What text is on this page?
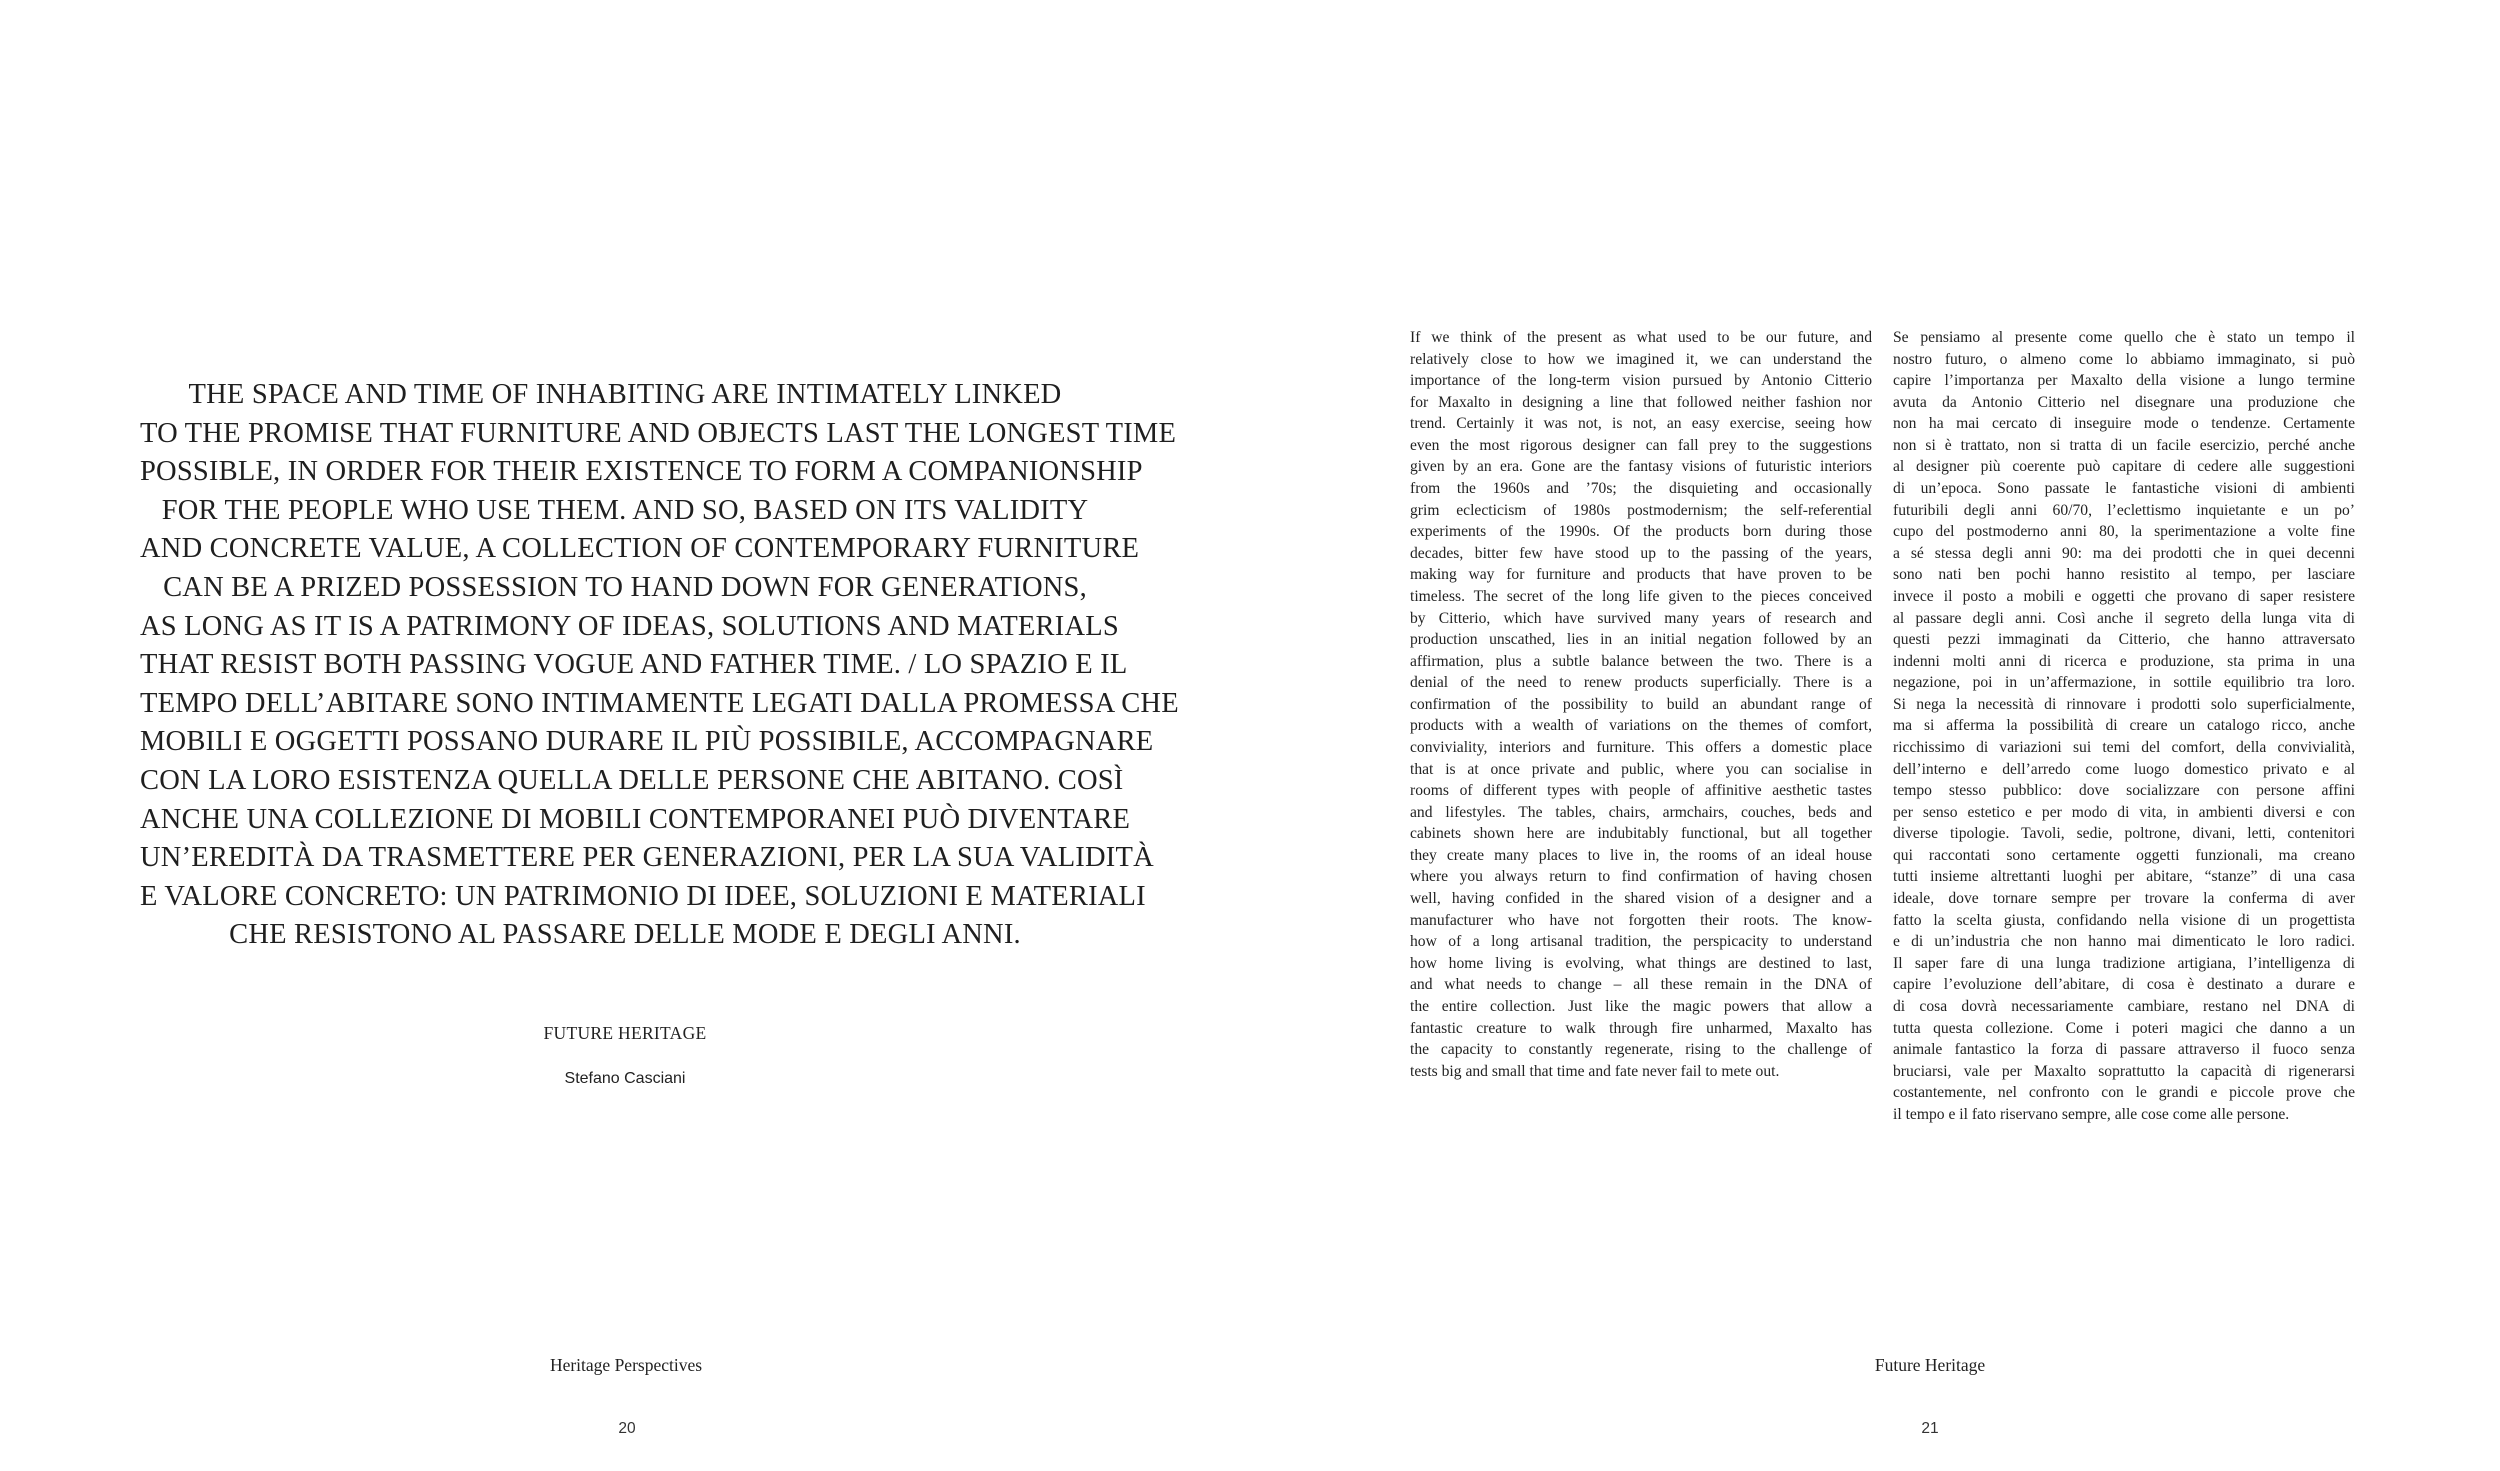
THE SPACE AND TIME OF INHABITING ARE INTIMATELY LINKED
TO THE PROMISE THAT FURNITURE AND OBJECTS LAST THE LONGEST TIME
POSSIBLE, IN ORDER FOR THEIR EXISTENCE TO FORM A COMPANIONSHIP
FOR THE PEOPLE WHO USE THEM. AND SO, BASED ON ITS VALIDITY
AND CONCRETE VALUE, A COLLECTION OF CONTEMPORARY FURNITURE
CAN BE A PRIZED POSSESSION TO HAND DOWN FOR GENERATIONS,
AS LONG AS IT IS A PATRIMONY OF IDEAS, SOLUTIONS AND MATERIALS
THAT RESIST BOTH PASSING VOGUE AND FATHER TIME. / LO SPAZIO E IL
TEMPO DELL’ABITARE SONO INTIMAMENTE LEGATI DALLA PROMESSA CHE
MOBILI E OGGETTI POSSANO DURARE IL PIÙ POSSIBILE, ACCOMPAGNARE
CON LA LORO ESISTENZA QUELLA DELLE PERSONE CHE ABITANO. COSÌ
ANCHE UNA COLLEZIONE DI MOBILI CONTEMPORANEI PUÒ DIVENTARE
UN’EREDITÀ DA TRASMETTERE PER GENERAZIONI, PER LA SUA VALIDITÀ
E VALORE CONCRETO: UN PATRIMONIO DI IDEE, SOLUZIONI E MATERIALI
CHE RESISTONO AL PASSARE DELLE MODE E DEGLI ANNI.
FUTURE HERITAGE
Stefano Casciani
Heritage Perspectives
20
If we think of the present as what used to be our future, and
relatively close to how we imagined it, we can understand the
importance of the long-term vision pursued by Antonio Citterio
for Maxalto in designing a line that followed neither fashion nor
trend. Certainly it was not, is not, an easy exercise, seeing how
even the most rigorous designer can fall prey to the suggestions
given by an era. Gone are the fantasy visions of futuristic interiors
from the 1960s and ’70s; the disquieting and occasionally
grim eclecticism of 1980s postmodernism; the self-referential
experiments of the 1990s. Of the products born during those
decades, bitter few have stood up to the passing of the years,
making way for furniture and products that have proven to be
timeless. The secret of the long life given to the pieces conceived
by Citterio, which have survived many years of research and
production unscathed, lies in an initial negation followed by an
affirmation, plus a subtle balance between the two. There is a
denial of the need to renew products superficially. There is a
confirmation of the possibility to build an abundant range of
products with a wealth of variations on the themes of comfort,
conviviality, interiors and furniture. This offers a domestic place
that is at once private and public, where you can socialise in
rooms of different types with people of affinitive aesthetic tastes
and lifestyles. The tables, chairs, armchairs, couches, beds and
cabinets shown here are indubitably functional, but all together
they create many places to live in, the rooms of an ideal house
where you always return to find confirmation of having chosen
well, having confided in the shared vision of a designer and a
manufacturer who have not forgotten their roots. The know-
how of a long artisanal tradition, the perspicacity to understand
how home living is evolving, what things are destined to last,
and what needs to change – all these remain in the DNA of
the entire collection. Just like the magic powers that allow a
fantastic creature to walk through fire unharmed, Maxalto has
the capacity to constantly regenerate, rising to the challenge of
tests big and small that time and fate never fail to mete out.
Se pensiamo al presente come quello che è stato un tempo il
nostro futuro, o almeno come lo abbiamo immaginato, si può
capire l’importanza per Maxalto della visione a lungo termine
avuta da Antonio Citterio nel disegnare una produzione che
non ha mai cercato di inseguire mode o tendenze. Certamente
non si è trattato, non si tratta di un facile esercizio, perché anche
al designer più coerente può capitare di cedere alle suggestioni
di un’epoca. Sono passate le fantastiche visioni di ambienti
futuribili degli anni 60/70, l’eclettismo inquietante e un po’
cupo del postmoderno anni 80, la sperimentazione a volte fine
a sé stessa degli anni 90: ma dei prodotti che in quei decenni
sono nati ben pochi hanno resistito al tempo, per lasciare
invece il posto a mobili e oggetti che provano di saper resistere
al passare degli anni. Così anche il segreto della lunga vita di
questi pezzi immaginati da Citterio, che hanno attraversato
indenni molti anni di ricerca e produzione, sta prima in una
negazione, poi in un’affermazione, in sottile equilibrio tra loro.
Si nega la necessità di rinnovare i prodotti solo superficialmente,
ma si afferma la possibilità di creare un catalogo ricco, anche
ricchissimo di variazioni sui temi del comfort, della convivialità,
dell’interno e dell’arredo come luogo domestico privato e al
tempo stesso pubblico: dove socializzare con persone affini
per senso estetico e per modo di vita, in ambienti diversi e con
diverse tipologie. Tavoli, sedie, poltrone, divani, letti, contenitori
qui raccontati sono certamente oggetti funzionali, ma creano
tutti insieme altrettanti luoghi per abitare, “stanze” di una casa
ideale, dove tornare sempre per trovare la conferma di aver
fatto la scelta giusta, confidando nella visione di un progettista
e di un’industria che non hanno mai dimenticato le loro radici.
Il saper fare di una lunga tradizione artigiana, l’intelligenza di
capire l’evoluzione dell’abitare, di cosa è destinato a durare e
di cosa dovrà necessariamente cambiare, restano nel DNA di
tutta questa collezione. Come i poteri magici che danno a un
animale fantastico la forza di passare attraverso il fuoco senza
bruciarsi, vale per Maxalto soprattutto la capacità di rigenerarsi
costantemente, nel confronto con le grandi e piccole prove che
il tempo e il fato riservano sempre, alle cose come alle persone.
Future Heritage
21
